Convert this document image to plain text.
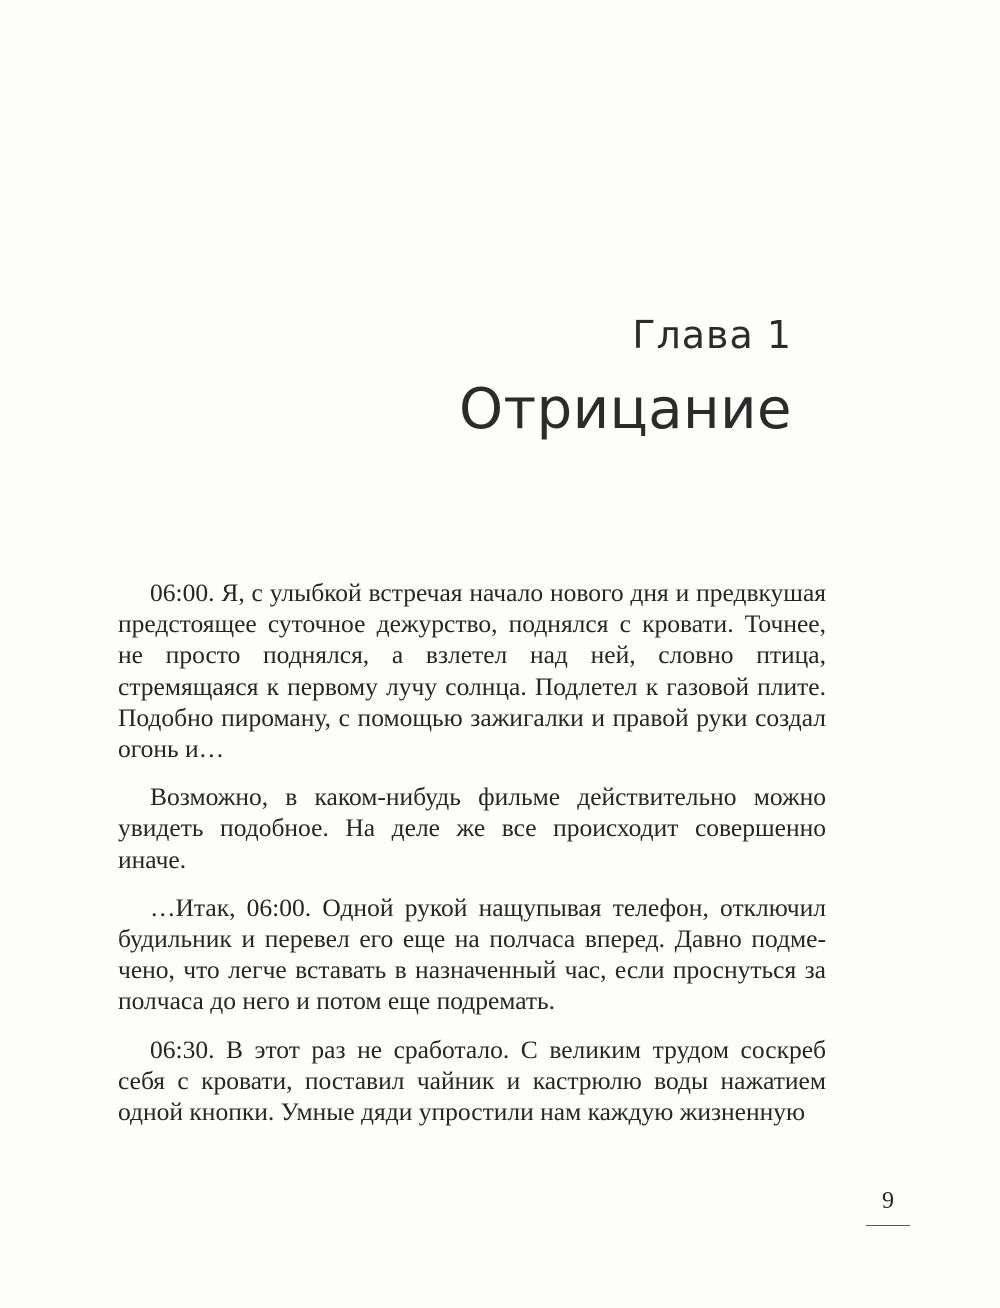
Глава 1
Отрицание

06:00. Я, с улыбкой встречая начало нового дня и предвкушая предстоящее суточное дежурство, поднялся с кровати. Точнее, не просто поднялся, а взлетел над ней, словно птица, стремящаяся к первому лучу солнца. Подлетел к газовой плите. Подобно пироману, с помощью зажигалки и правой руки создал огонь и…

Возможно, в каком-нибудь фильме действительно можно увидеть подобное. На деле же все происходит совершенно иначе.

…Итак, 06:00. Одной рукой нащупывая телефон, отключил будильник и перевел его еще на полчаса вперед. Давно подмечено, что легче вставать в назначенный час, если проснуться за полчаса до него и потом еще подремать.

06:30. В этот раз не сработало. С великим трудом соскреб себя с кровати, поставил чайник и кастрюлю воды нажатием одной кнопки. Умные дяди упростили нам каждую жизненную

9
